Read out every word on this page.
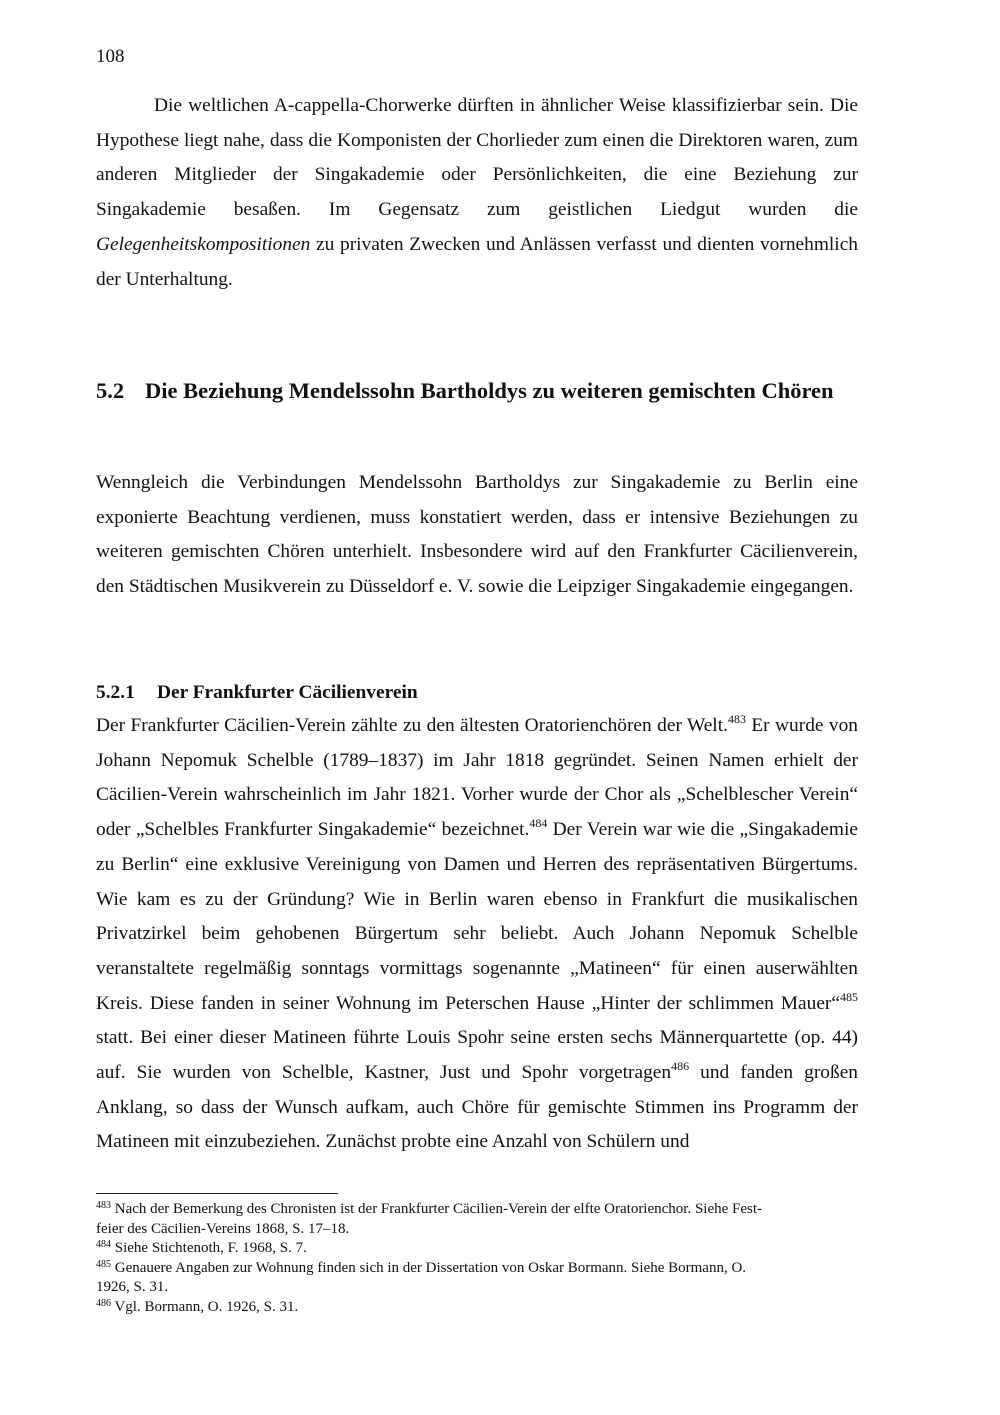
108

Die weltlichen A-cappella-Chorwerke dürften in ähnlicher Weise klassifizierbar sein. Die Hypothese liegt nahe, dass die Komponisten der Chorlieder zum einen die Direktoren waren, zum anderen Mitglieder der Singakademie oder Persönlichkeiten, die eine Beziehung zur Singakademie besaßen. Im Gegensatz zum geistlichen Liedgut wurden die Gelegenheitskompositionen zu privaten Zwecken und Anlässen verfasst und dienten vornehmlich der Unterhaltung.

5.2 Die Beziehung Mendelssohn Bartholdys zu weiteren gemischten Chören

Wenngleich die Verbindungen Mendelssohn Bartholdys zur Singakademie zu Berlin eine exponierte Beachtung verdienen, muss konstatiert werden, dass er intensive Beziehungen zu weiteren gemischten Chören unterhielt. Insbesondere wird auf den Frankfurter Cäcilienverein, den Städtischen Musikverein zu Düsseldorf e. V. sowie die Leipziger Singakademie eingegangen.

5.2.1 Der Frankfurter Cäcilienverein

Der Frankfurter Cäcilien-Verein zählte zu den ältesten Oratorienchören der Welt.$^{483}$ Er wurde von Johann Nepomuk Schelble (1789–1837) im Jahr 1818 gegründet. Seinen Namen erhielt der Cäcilien-Verein wahrscheinlich im Jahr 1821. Vorher wurde der Chor als „Schelblescher Verein“ oder „Schelbles Frankfurter Singakademie“ bezeichnet.$^{484}$ Der Verein war wie die „Singakademie zu Berlin“ eine exklusive Vereinigung von Damen und Herren des repräsentativen Bürgertums. Wie kam es zu der Gründung? Wie in Berlin waren ebenso in Frankfurt die musikalischen Privatzirkel beim gehobenen Bürgertum sehr beliebt. Auch Johann Nepomuk Schelble veranstaltete regelmäßig sonntags vormittags sogenannte „Matineen“ für einen auserwählten Kreis. Diese fanden in seiner Wohnung im Peterschen Hause „Hinter der schlimmen Mauer“$^{485}$ statt. Bei einer dieser Matineen führte Louis Spohr seine ersten sechs Männerquartette (op. 44) auf. Sie wurden von Schelble, Kastner, Just und Spohr vorgetragen$^{486}$ und fanden großen Anklang, so dass der Wunsch aufkam, auch Chöre für gemischte Stimmen ins Programm der Matineen mit einzubeziehen. Zunächst probte eine Anzahl von Schülern und

$^{483}$ Nach der Bemerkung des Chronisten ist der Frankfurter Cäcilien-Verein der elfte Oratorienchor. Siehe Fest-
feier des Cäcilien-Vereins 1868, S. 17–18.

$^{484}$ Siehe Stichtenoth, F. 1968, S. 7.

$^{485}$ Genauere Angaben zur Wohnung finden sich in der Dissertation von Oskar Bormann. Siehe Bormann, O.
1926, S. 31.

$^{486}$ Vgl. Bormann, O. 1926, S. 31.
